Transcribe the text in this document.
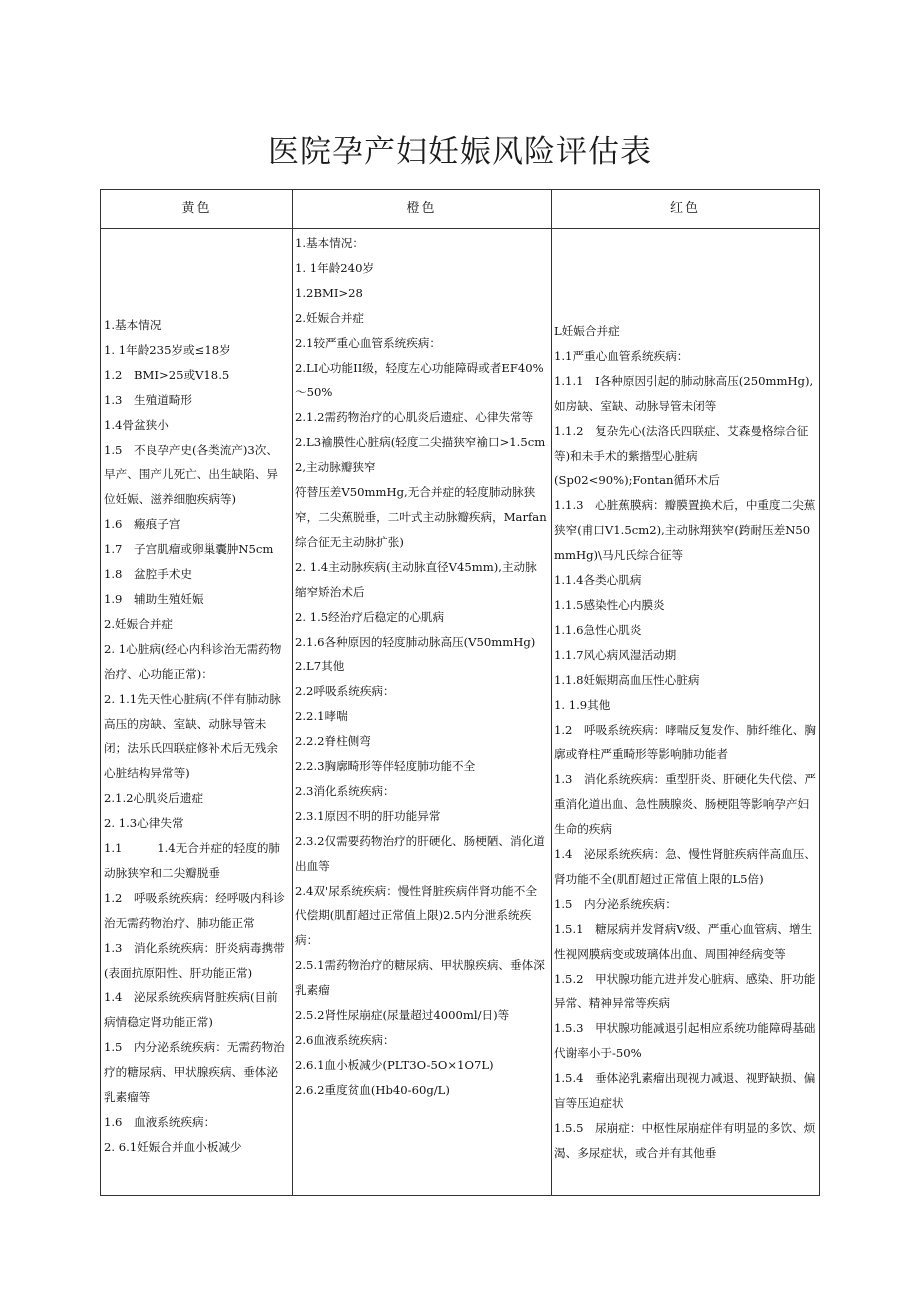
医院孕产妇妊娠风险评估表
黄色	橙色	红色

1.基本情况

1. 1年龄235岁或≤18岁

1.2　BMI>25或V18.5

1.3　生殖道畸形

1.4骨盆狭小

1.5　不良孕产史(各类流产)3次、早产、围产儿死亡、出生缺陷、异位妊娠、滋养细胞疾病等)

1.6　瘢痕子宫

1.7　子宫肌瘤或卵巢囊肿N5cm

1.8　盆腔手术史

1.9　辅助生殖妊娠

2.妊娠合并症

2. 1心脏病(经心内科诊治无需药物治疗、心功能正常)：

2. 1.1先天性心脏病(不伴有肺动脉高压的房缺、室缺、动脉导管未闭；法乐氏四联症修补术后无残余心脏结构异常等)

2.1.2心肌炎后遗症

2. 1.3心律失常

1.1　　　1.4无合并症的轻度的肺动脉狭窄和二尖瓣脱垂

1.2　呼吸系统疾病：经呼吸内科诊治无需药物治疗、肺功能正常

1.3　消化系统疾病：肝炎病毒携带(表面抗原阳性、肝功能正常)

1.4　泌尿系统疾病肾脏疾病(目前病情稳定肾功能正常)

1.5　内分泌系统疾病：无需药物治疗的糖尿病、甲状腺疾病、垂体泌乳素瘤等

1.6　血液系统疾病：

2. 6.1妊娠合并血小板减少

1.基本情况：

1. 1年龄240岁

1.2BMI>28

2.妊娠合并症

2.1较严重心血管系统疾病：

2.LI心功能II级，轻度左心功能障碍或者EF40%～50%

2.1.2需药物治疗的心肌炎后遗症、心律失常等

2.L3褕膜性心脏病(轻度二尖描狭窄褕口>1.5cm2,主动脉瓣狭窄

符替压差V50mmHg,无合并症的轻度肺动脉狭窄，二尖蕉脱垂，二叶式主动脉瓣疾病，Marfan综合征无主动脉扩张)

2. 1.4主动脉疾病(主动脉直径V45mm),主动脉缩窄矫治术后

2. 1.5经治疗后稳定的心肌病

2.1.6各种原因的轻度肺动脉高压(V50mmHg)

2.L7其他

2.2呼吸系统疾病：

2.2.1哮喘

2.2.2脊柱侧弯

2.2.3胸廓畸形等伴轻度肺功能不全

2.3消化系统疾病：

2.3.1原因不明的肝功能异常

2.3.2仅需要药物治疗的肝硬化、肠梗陋、消化道出血等

2.4双'尿系统疾病：慢性肾脏疾病伴肾功能不全代偿期(肌酊超过正常值上限)2.5内分泄系统疾病：

2.5.1需药物治疗的糖尿病、甲状腺疾病、垂体深乳素瘤

2.5.2肾性尿崩症(尿量超过4000ml/日)等

2.6血液系统疾病：

2.6.1血小板减少(PLT3O-5O×1O7L)

2.6.2重度贫血(Hb40-60g/L)

L妊娠合并症

1.1严重心血管系统疾病：

1.1.1　I各种原因引起的肺动脉高压(250mmHg),如房缺、室缺、动脉导管未闭等

1.1.2　复杂先心(法洛氏四联症、艾森曼格综合征等)和未手术的紫揩型心脏病

(Sp02<90%);Fontan循环术后

1.1.3　心脏蕉膜病：瓣膜置换术后，中重度二尖蕉狭窄(甫口V1.5cm2),主动脉翔狭窄(跨耐压差N50mmHg)\马凡氏综合征等

1.1.4各类心肌病

1.1.5感染性心内膜炎

1.1.6急性心肌炎

1.1.7风心病风湿活动期

1.1.8妊娠期高血压性心脏病

1. 1.9其他

1.2　呼吸系统疾病：哮喘反复发作、肺纤维化、胸廓或脊柱严重畸形等影响肺功能者

1.3　消化系统疾病：重型肝炎、肝硬化失代偿、严重消化道出血、急性胰腺炎、肠梗阻等影响孕产妇生命的疾病

1.4　泌尿系统疾病：急、慢性肾脏疾病伴高血压、肾功能不全(肌酊超过正常值上限的L5倍)

1.5　内分泌系统疾病：

1.5.1　糖尿病并发肾病V级、严重心血管病、增生性视网膜病变或玻璃体出血、周围神经病变等

1.5.2　甲状腺功能亢进并发心脏病、感染、肝功能异常、精神异常等疾病

1.5.3　甲状腺功能减退引起相应系统功能障碍基础代谢率小于-50%

1.5.4　垂体泌乳素瘤出现视力减退、视野缺损、偏盲等压迫症状

1.5.5　尿崩症：中枢性尿崩症伴有明显的多饮、烦渴、多尿症状，或合并有其他垂
